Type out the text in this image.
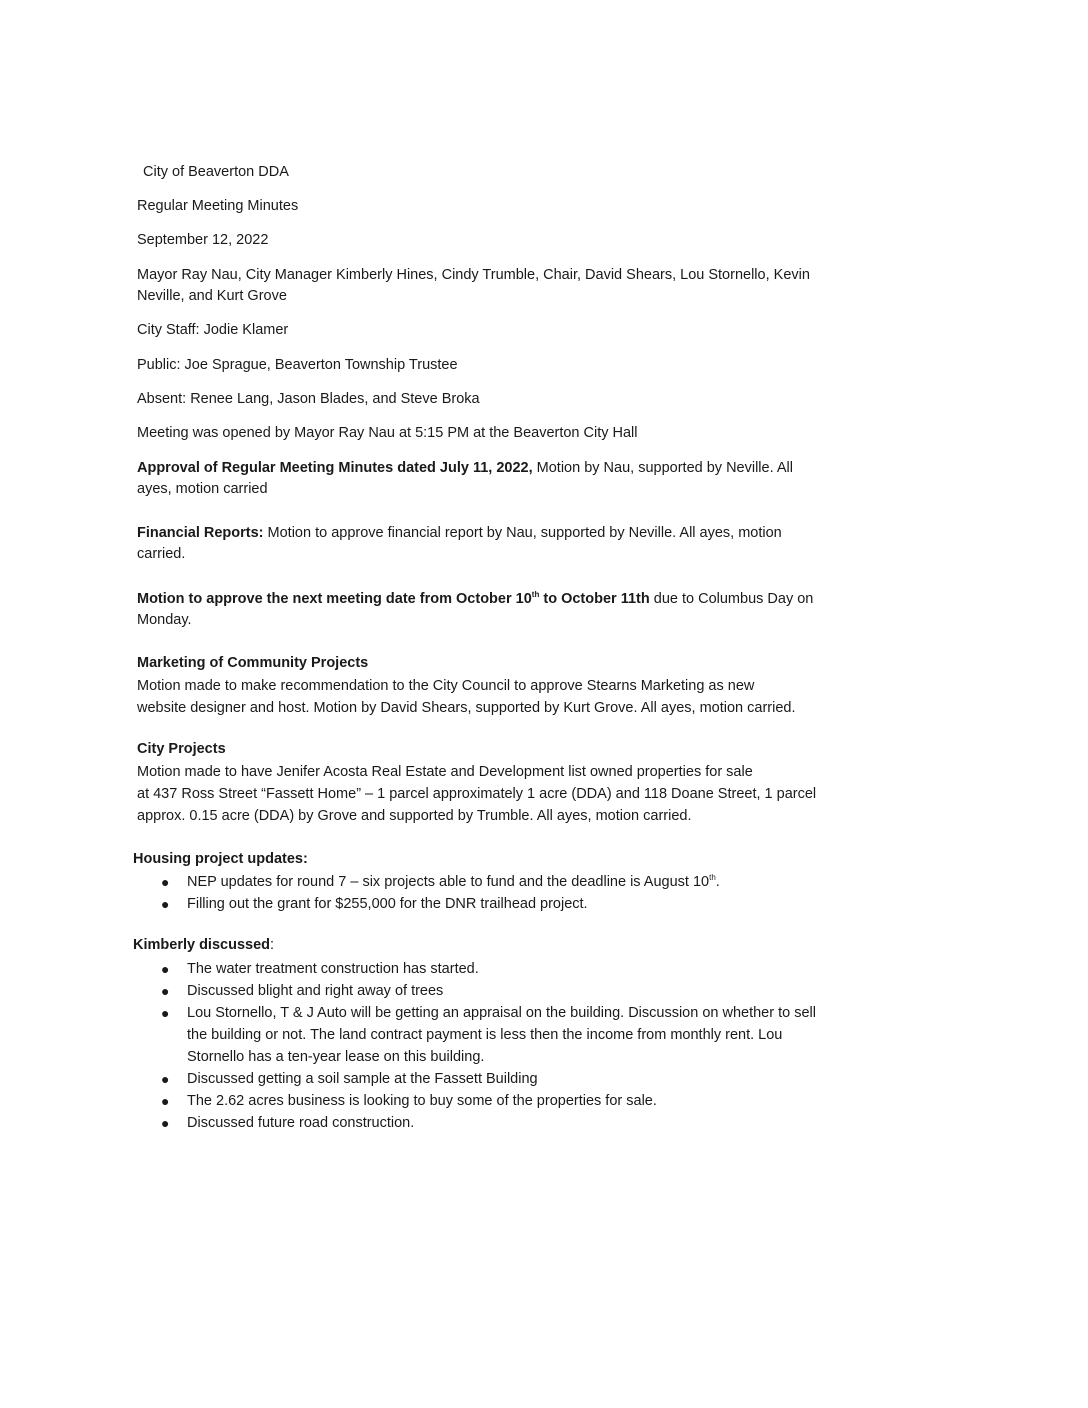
City of Beaverton DDA
Regular Meeting Minutes
September 12, 2022
Mayor Ray Nau, City Manager Kimberly Hines, Cindy Trumble, Chair, David Shears, Lou Stornello, Kevin
Neville, and Kurt Grove
City Staff: Jodie Klamer
Public: Joe Sprague, Beaverton Township Trustee
Absent: Renee Lang, Jason Blades, and Steve Broka
Meeting was opened by Mayor Ray Nau at 5:15 PM at the Beaverton City Hall
Approval of Regular Meeting Minutes dated July 11, 2022, Motion by Nau, supported by Neville. All
ayes, motion carried
Financial Reports: Motion to approve financial report by Nau, supported by Neville. All ayes, motion
carried.
Motion to approve the next meeting date from October 10th to October 11th due to Columbus Day on
Monday.
Marketing of Community Projects
Motion made to make recommendation to the City Council to approve Stearns Marketing as new
website designer and host. Motion by David Shears, supported by Kurt Grove. All ayes, motion carried.
City Projects
Motion made to have Jenifer Acosta Real Estate and Development list owned properties for sale
at 437 Ross Street “Fassett Home” – 1 parcel approximately 1 acre (DDA) and 118 Doane Street, 1 parcel
approx. 0.15 acre (DDA) by Grove and supported by Trumble. All ayes, motion carried.
Housing project updates:
● NEP updates for round 7 – six projects able to fund and the deadline is August 10th.
● Filling out the grant for $255,000 for the DNR trailhead project.
Kimberly discussed:
● The water treatment construction has started.
● Discussed blight and right away of trees
● Lou Stornello, T & J Auto will be getting an appraisal on the building. Discussion on whether to sell the building or not. The land contract payment is less then the income from monthly rent. Lou Stornello has a ten-year lease on this building.
● Discussed getting a soil sample at the Fassett Building
● The 2.62 acres business is looking to buy some of the properties for sale.
● Discussed future road construction.
